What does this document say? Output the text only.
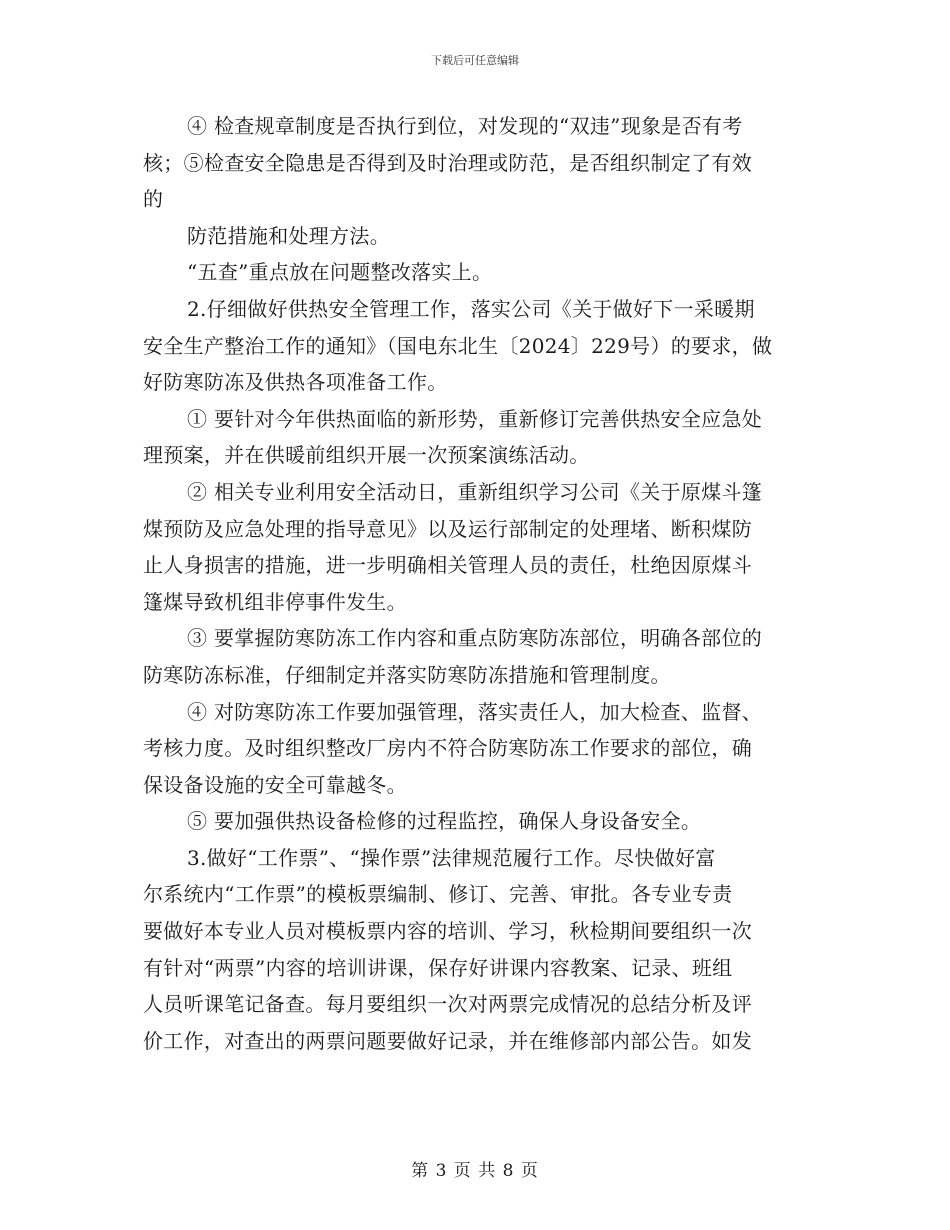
下载后可任意编辑
④ 检查规章制度是否执行到位，对发现的“双违”现象是否有考
核；⑤检查安全隐患是否得到及时治理或防范，是否组织制定了有效
的
防范措施和处理方法。
“五查”重点放在问题整改落实上。
2.仔细做好供热安全管理工作，落实公司《关于做好下一采暖期
安全生产整治工作的通知》（国电东北生〔2024〕229号）的要求，做
好防寒防冻及供热各项准备工作。
① 要针对今年供热面临的新形势，重新修订完善供热安全应急处
理预案，并在供暖前组织开展一次预案演练活动。
② 相关专业利用安全活动日，重新组织学习公司《关于原煤斗篷
煤预防及应急处理的指导意见》以及运行部制定的处理堵、断积煤防
止人身损害的措施，进一步明确相关管理人员的责任，杜绝因原煤斗
篷煤导致机组非停事件发生。
③ 要掌握防寒防冻工作内容和重点防寒防冻部位，明确各部位的
防寒防冻标准，仔细制定并落实防寒防冻措施和管理制度。
④ 对防寒防冻工作要加强管理，落实责任人，加大检查、监督、
考核力度。及时组织整改厂房内不符合防寒防冻工作要求的部位，确
保设备设施的安全可靠越冬。
⑤ 要加强供热设备检修的过程监控，确保人身设备安全。
3.做好“工作票”、“操作票”法律规范履行工作。尽快做好富
尔系统内“工作票”的模板票编制、修订、完善、审批。各专业专责
要做好本专业人员对模板票内容的培训、学习，秋检期间要组织一次
有针对“两票”内容的培训讲课，保存好讲课内容教案、记录、班组
人员听课笔记备查。每月要组织一次对两票完成情况的总结分析及评
价工作，对查出的两票问题要做好记录，并在维修部内部公告。如发
第 3 页 共 8 页
